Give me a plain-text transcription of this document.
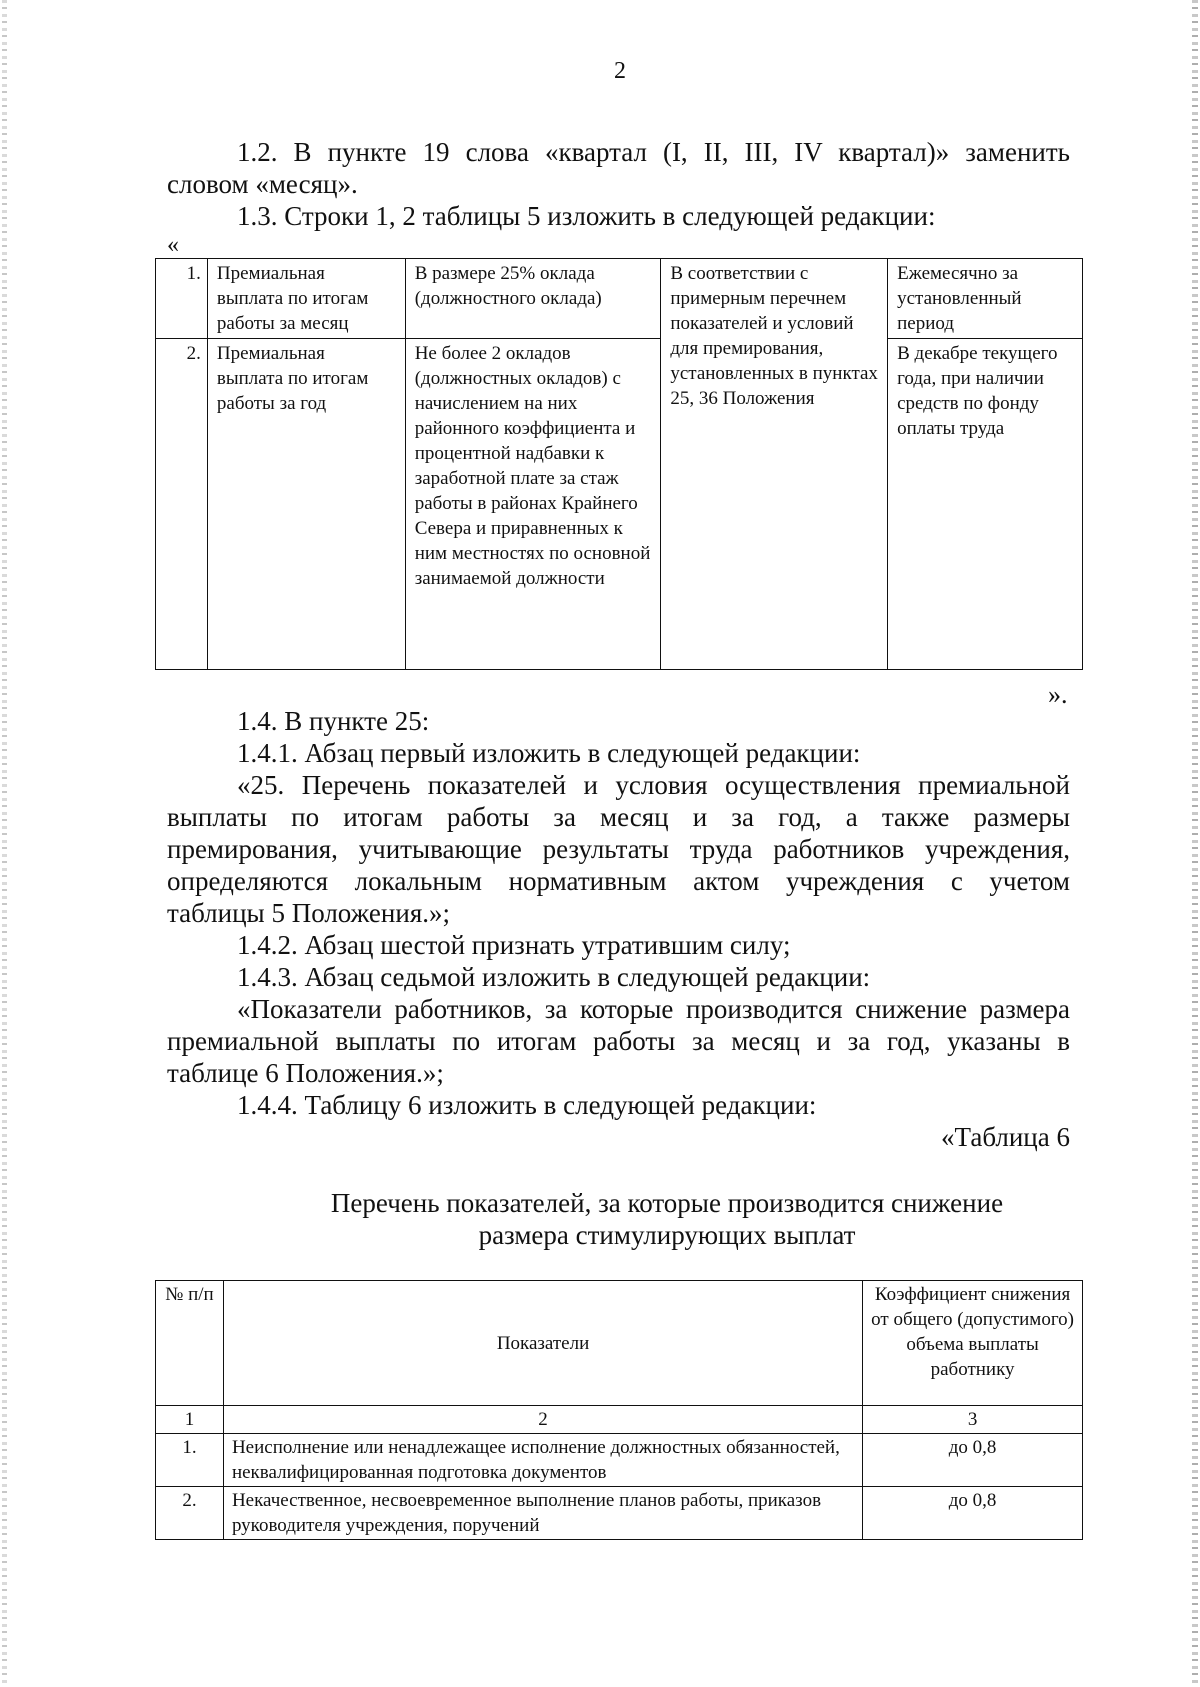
2

1.2. В пункте 19 слова «квартал (I, II, III, IV квартал)» заменить

словом «месяц».

1.3. Строки 1, 2 таблицы 5 изложить в следующей редакции:

«
1.	Премиальная выплата по итогам работы за месяц	В размере 25% оклада (должностного оклада)	В соответствии с примерным перечнем показателей и условий для премирования, установленных в пунктах 25, 36 Положения	Ежемесячно за установленный период
2.	Премиальная выплата по итогам работы за год	Не более 2 окладов (должностных окладов) с начислением на них районного коэффициента и процентной надбавки к заработной плате за стаж работы в районах Крайнего Севера и приравненных к ним местностях по основной занимаемой должности		В декабре текущего года, при наличии средств по фонду оплаты труда
».

1.4. В пункте 25:

1.4.1. Абзац первый изложить в следующей редакции:

«25. Перечень показателей и условия осуществления премиальной

выплаты по итогам работы за месяц и за год, а также размеры

премирования, учитывающие результаты труда работников учреждения,

определяются локальным нормативным актом учреждения с учетом

таблицы 5 Положения.»;

1.4.2. Абзац шестой признать утратившим силу;

1.4.3. Абзац седьмой изложить в следующей редакции:

«Показатели работников, за которые производится снижение размера

премиальной выплаты по итогам работы за месяц и за год, указаны в

таблице 6 Положения.»;

1.4.4. Таблицу 6 изложить в следующей редакции:

«Таблица 6

Перечень показателей, за которые производится снижение

размера стимулирующих выплат

№ п/п	Показатели	Коэффициент снижения от общего (допустимого) объема выплаты работнику
1	2	3
1.	Неисполнение или ненадлежащее исполнение должностных обязанностей, неквалифицированная подготовка документов	до 0,8
2.	Некачественное, несвоевременное выполнение планов работы, приказов руководителя учреждения, поручений	до 0,8
